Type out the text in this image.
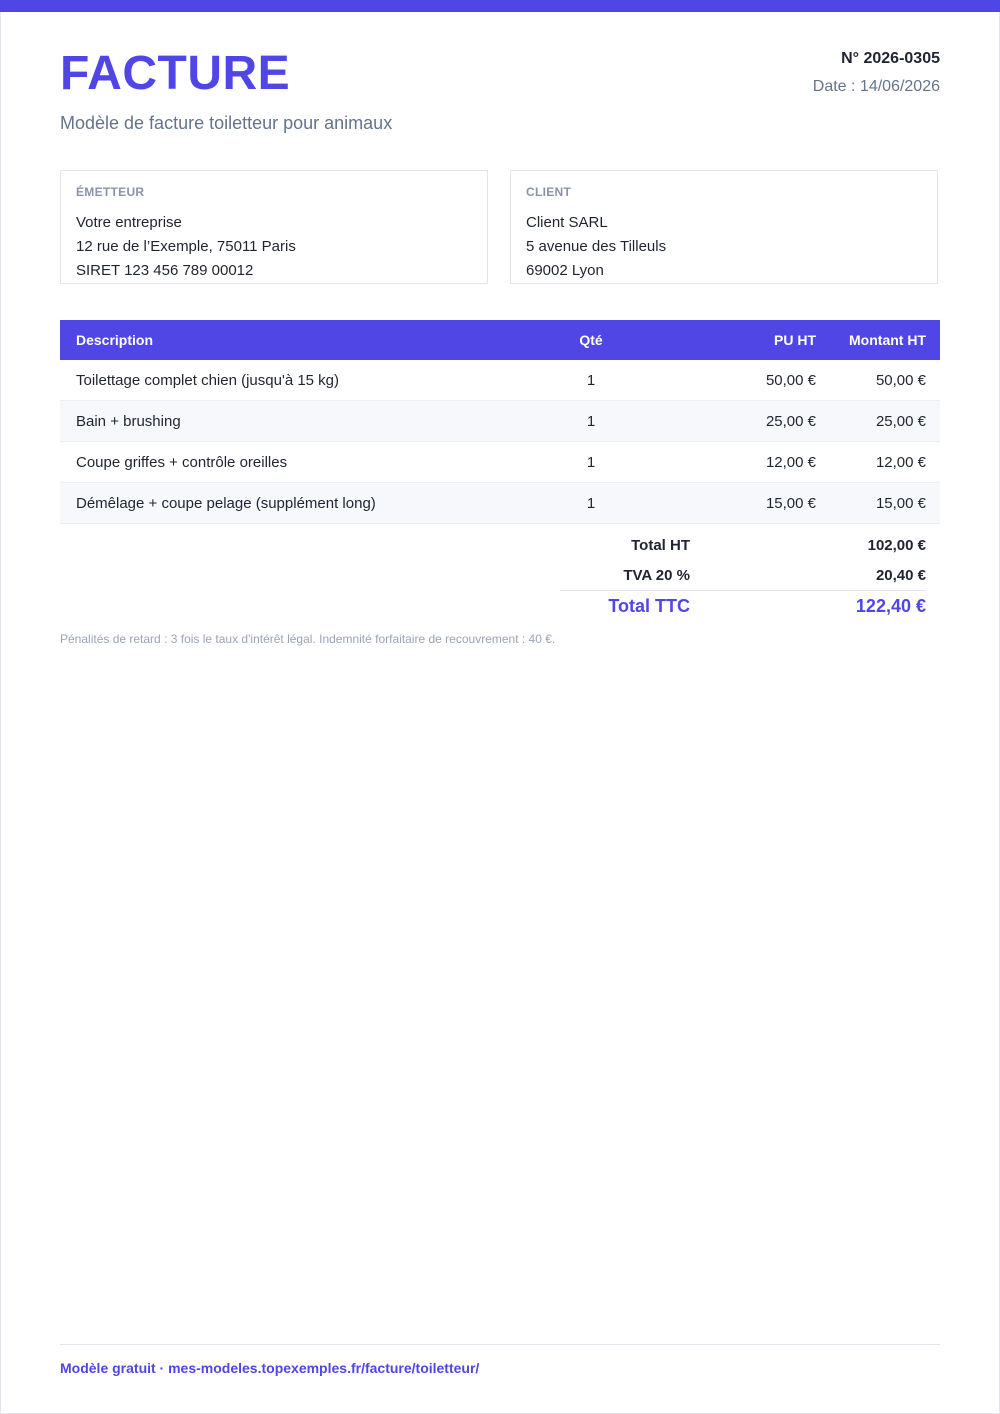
FACTURE
Modèle de facture toiletteur pour animaux
N° 2026-0305
Date : 14/06/2026
ÉMETTEUR
Votre entreprise
12 rue de l’Exemple, 75011 Paris
SIRET 123 456 789 00012
CLIENT
Client SARL
5 avenue des Tilleuls
69002 Lyon
Description	Qté	PU HT	Montant HT
Toilettage complet chien (jusqu'à 15 kg)	1	50,00 €	50,00 €
Bain + brushing	1	25,00 €	25,00 €
Coupe griffes + contrôle oreilles	1	12,00 €	12,00 €
Démêlage + coupe pelage (supplément long)	1	15,00 €	15,00 €
Total HT	102,00 €
TVA 20 %	20,40 €
Total TTC	122,40 €
Pénalités de retard : 3 fois le taux d'intérêt légal. Indemnité forfaitaire de recouvrement : 40 €.
Modèle gratuit · mes-modeles.topexemples.fr/facture/toiletteur/
